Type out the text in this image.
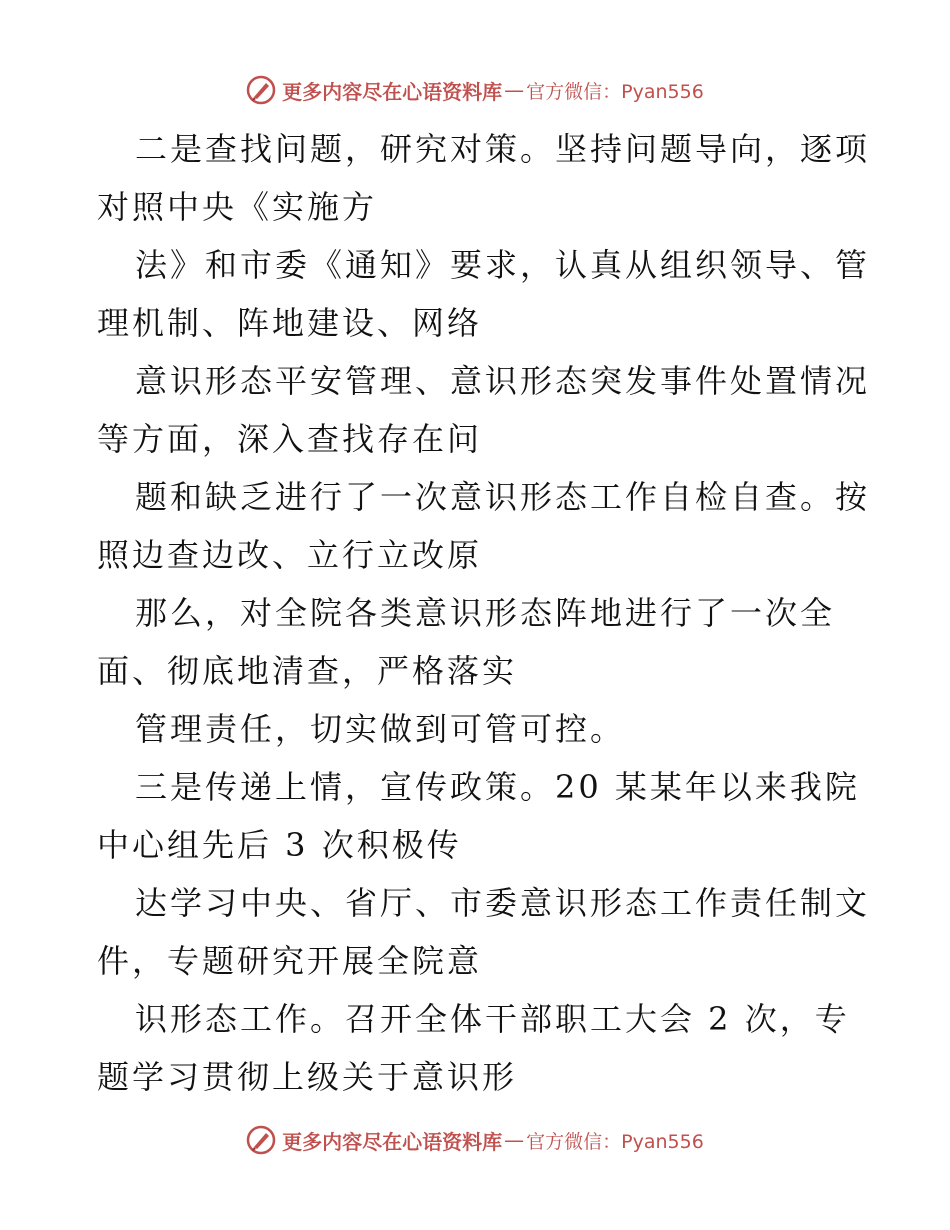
更多内容尽在心语资料库 — 官方微信：Pyan556

二是查找问题，研究对策。坚持问题导向，逐项
对照中央《实施方

法》和市委《通知》要求，认真从组织领导、管
理机制、阵地建设、网络

意识形态平安管理、意识形态突发事件处置情况
等方面，深入查找存在问

题和缺乏进行了一次意识形态工作自检自查。按
照边查边改、立行立改原

那么，对全院各类意识形态阵地进行了一次全
面、彻底地清查，严格落实

管理责任，切实做到可管可控。

三是传递上情，宣传政策。20 某某年以来我院
中心组先后 3 次积极传

达学习中央、省厅、市委意识形态工作责任制文
件，专题研究开展全院意

识形态工作。召开全体干部职工大会 2 次，专
题学习贯彻上级关于意识形

更多内容尽在心语资料库 — 官方微信：Pyan556
